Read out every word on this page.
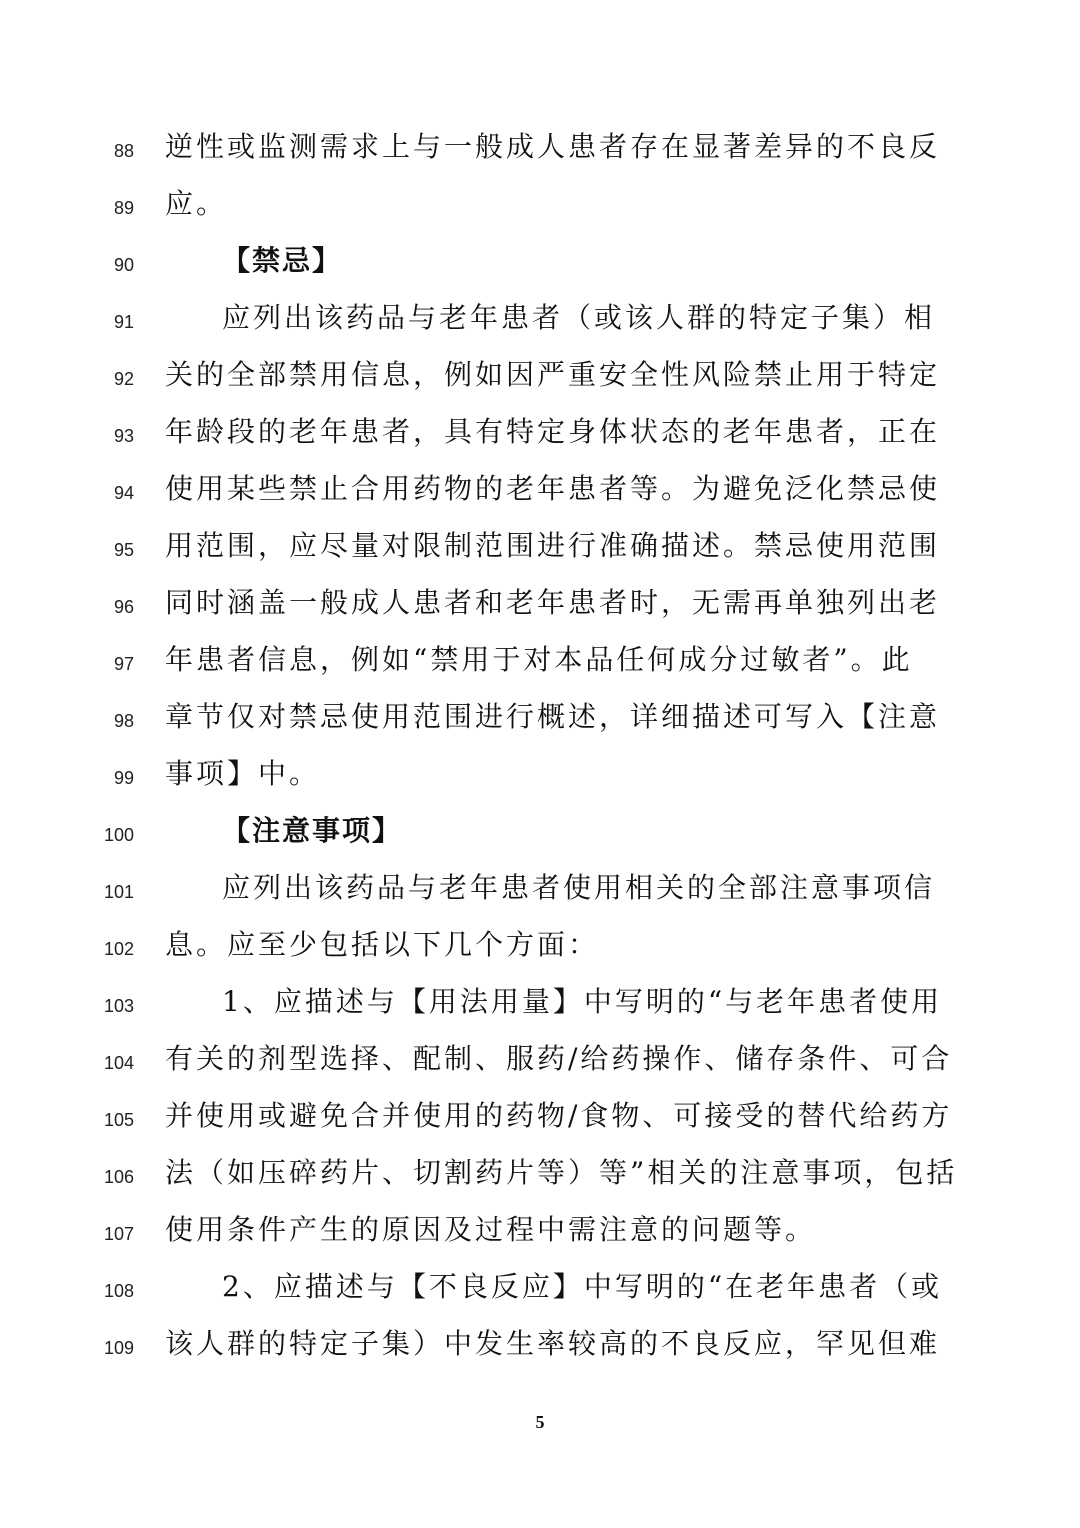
88 逆性或监测需求上与一般成人患者存在显著差异的不良反
89 应。
90	【禁忌】
91	应列出该药品与老年患者（或该人群的特定子集）相
92 关的全部禁用信息，例如因严重安全性风险禁止用于特定
93 年龄段的老年患者，具有特定身体状态的老年患者，正在
94 使用某些禁止合用药物的老年患者等。为避免泛化禁忌使
95 用范围，应尽量对限制范围进行准确描述。禁忌使用范围
96 同时涵盖一般成人患者和老年患者时，无需再单独列出老
97 年患者信息，例如“禁用于对本品任何成分过敏者”。此
98 章节仅对禁忌使用范围进行概述，详细描述可写入【注意
99 事项】中。
100	【注意事项】
101	应列出该药品与老年患者使用相关的全部注意事项信
102 息。应至少包括以下几个方面：
103	1、应描述与【用法用量】中写明的“与老年患者使用
104 有关的剂型选择、配制、服药/给药操作、储存条件、可合
105 并使用或避免合并使用的药物/食物、可接受的替代给药方
106 法（如压碎药片、切割药片等）等”相关的注意事项，包括
107 使用条件产生的原因及过程中需注意的问题等。
108	2、应描述与【不良反应】中写明的“在老年患者（或
109 该人群的特定子集）中发生率较高的不良反应，罕见但难
5
